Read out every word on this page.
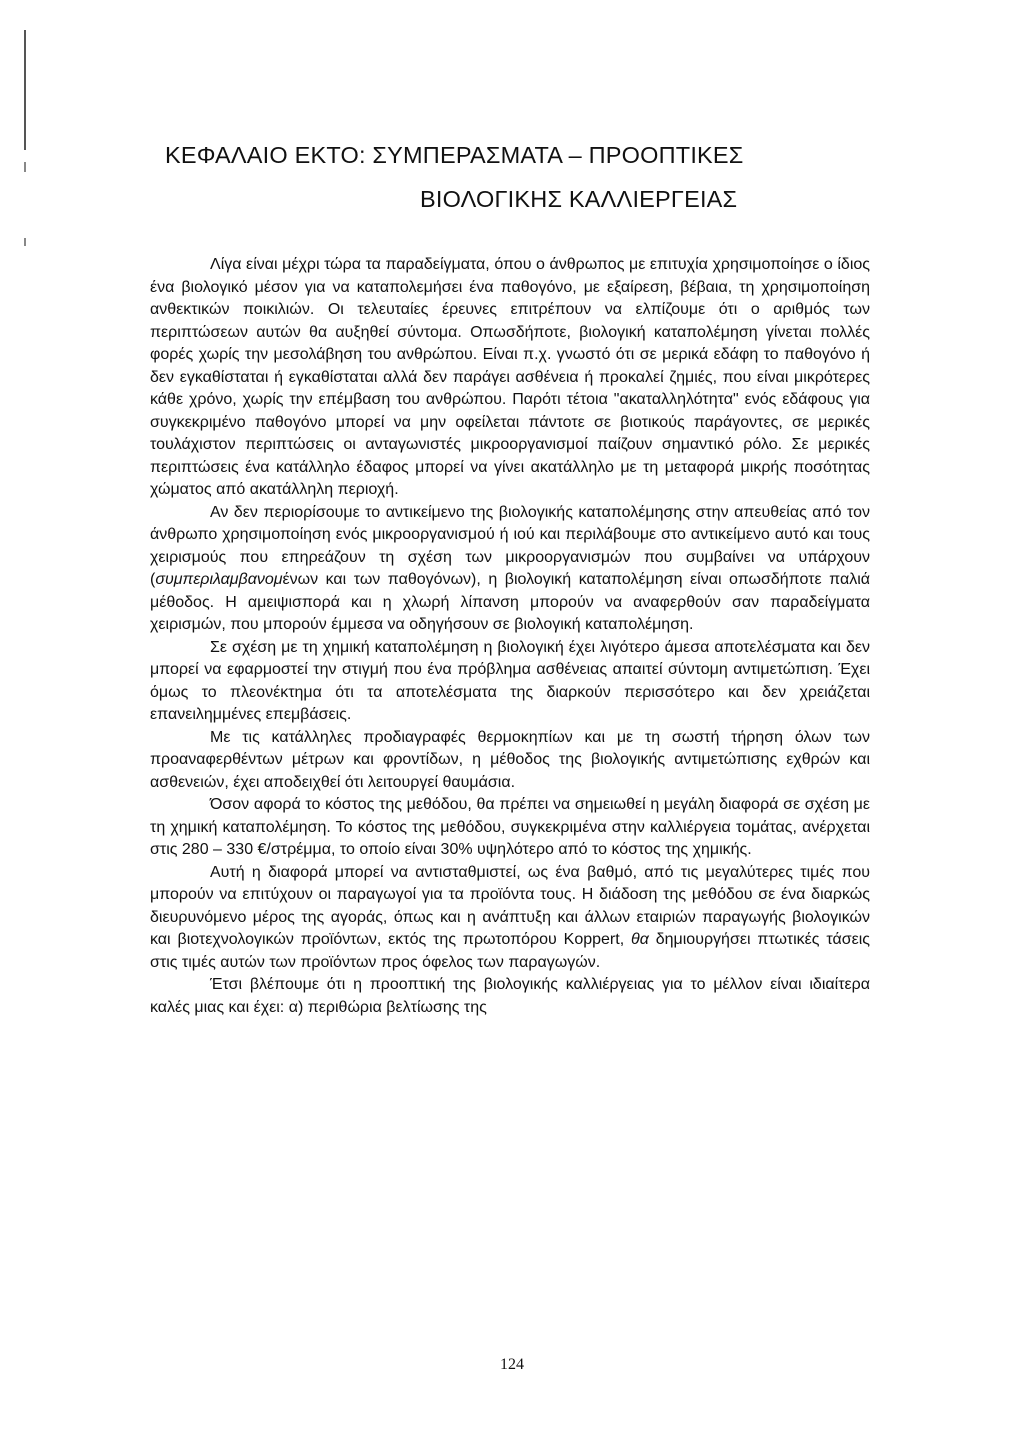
ΚΕΦΑΛΑΙΟ ΕΚΤΟ: ΣΥΜΠΕΡΑΣΜΑΤΑ – ΠΡΟΟΠΤΙΚΕΣ
ΒΙΟΛΟΓΙΚΗΣ ΚΑΛΛΙΕΡΓΕΙΑΣ

Λίγα είναι μέχρι τώρα τα παραδείγματα, όπου ο άνθρωπος με επιτυχία χρησιμοποίησε ο ίδιος ένα βιολογικό μέσον για να καταπολεμήσει ένα παθογόνο, με εξαίρεση, βέβαια, τη χρησιμοποίηση ανθεκτικών ποικιλιών. Οι τελευταίες έρευνες επιτρέπουν να ελπίζουμε ότι ο αριθμός των περιπτώσεων αυτών θα αυξηθεί σύντομα. Οπωσδήποτε, βιολογική καταπολέμηση γίνεται πολλές φορές χωρίς την μεσολάβηση του ανθρώπου. Είναι π.χ. γνωστό ότι σε μερικά εδάφη το παθογόνο ή δεν εγκαθίσταται ή εγκαθίσταται αλλά δεν παράγει ασθένεια ή προκαλεί ζημιές, που είναι μικρότερες κάθε χρόνο, χωρίς την επέμβαση του ανθρώπου. Παρότι τέτοια "ακαταλληλότητα" ενός εδάφους για συγκεκριμένο παθογόνο μπορεί να μην οφείλεται πάντοτε σε βιοτικούς παράγοντες, σε μερικές τουλάχιστον περιπτώσεις οι ανταγωνιστές μικροοργανισμοί παίζουν σημαντικό ρόλο. Σε μερικές περιπτώσεις ένα κατάλληλο έδαφος μπορεί να γίνει ακατάλληλο με τη μεταφορά μικρής ποσότητας χώματος από ακατάλληλη περιοχή.

Αν δεν περιορίσουμε το αντικείμενο της βιολογικής καταπολέμησης στην απευθείας από τον άνθρωπο χρησιμοποίηση ενός μικροοργανισμού ή ιού και περιλάβουμε στο αντικείμενο αυτό και τους χειρισμούς που επηρεάζουν τη σχέση των μικροοργανισμών που συμβαίνει να υπάρχουν (συμπεριλαμβανομένων και των παθογόνων), η βιολογική καταπολέμηση είναι οπωσδήποτε παλιά μέθοδος. Η αμειψισπορά και η χλωρή λίπανση μπορούν να αναφερθούν σαν παραδείγματα χειρισμών, που μπορούν έμμεσα να οδηγήσουν σε βιολογική καταπολέμηση.

Σε σχέση με τη χημική καταπολέμηση η βιολογική έχει λιγότερο άμεσα αποτελέσματα και δεν μπορεί να εφαρμοστεί την στιγμή που ένα πρόβλημα ασθένειας απαιτεί σύντομη αντιμετώπιση. Έχει όμως το πλεονέκτημα ότι τα αποτελέσματα της διαρκούν περισσότερο και δεν χρειάζεται επανειλημμένες επεμβάσεις.

Με τις κατάλληλες προδιαγραφές θερμοκηπίων και με τη σωστή τήρηση όλων των προαναφερθέντων μέτρων και φροντίδων, η μέθοδος της βιολογικής αντιμετώπισης εχθρών και ασθενειών, έχει αποδειχθεί ότι λειτουργεί θαυμάσια.

Όσον αφορά το κόστος της μεθόδου, θα πρέπει να σημειωθεί η μεγάλη διαφορά σε σχέση με τη χημική καταπολέμηση. Το κόστος της μεθόδου, συγκεκριμένα στην καλλιέργεια τομάτας, ανέρχεται στις 280 – 330 €/στρέμμα, το οποίο είναι 30% υψηλότερο από το κόστος της χημικής.

Αυτή η διαφορά μπορεί να αντισταθμιστεί, ως ένα βαθμό, από τις μεγαλύτερες τιμές που μπορούν να επιτύχουν οι παραγωγοί για τα προϊόντα τους. Η διάδοση της μεθόδου σε ένα διαρκώς διευρυνόμενο μέρος της αγοράς, όπως και η ανάπτυξη και άλλων εταιριών παραγωγής βιολογικών και βιοτεχνολογικών προϊόντων, εκτός της πρωτοπόρου Koppert, θα δημιουργήσει πτωτικές τάσεις στις τιμές αυτών των προϊόντων προς όφελος των παραγωγών.

Έτσι βλέπουμε ότι η προοπτική της βιολογικής καλλιέργειας για το μέλλον είναι ιδιαίτερα καλές μιας και έχει: α) περιθώρια βελτίωσης της

124
